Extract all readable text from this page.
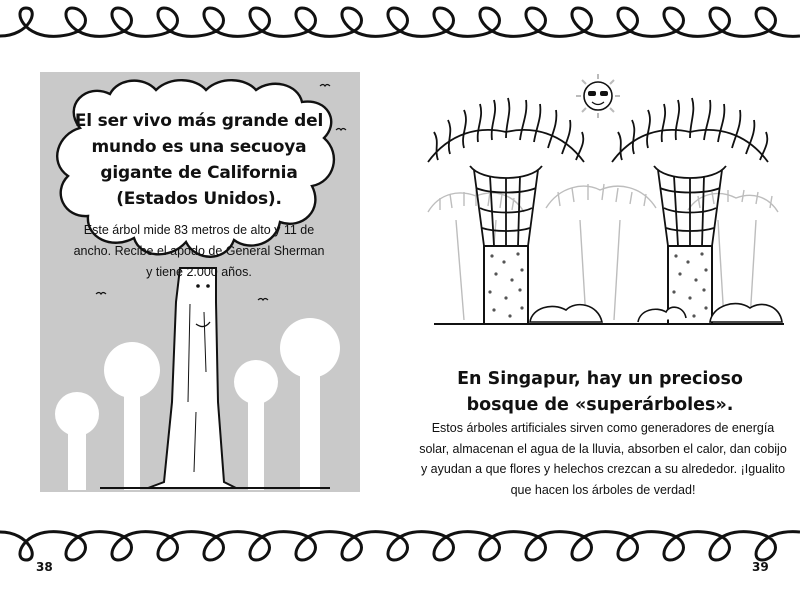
El ser vivo más grande del mundo es una secuoya gigante de California (Estados Unidos).

Este árbol mide 83 metros de alto y 11 de ancho. Recibe el apodo de General Sherman y tiene 2.000 años.

En Singapur, hay un precioso bosque de «superárboles».

Estos árboles artificiales sirven como generadores de energía solar, almacenan el agua de la lluvia, absorben el calor, dan cobijo y ayudan a que flores y helechos crezcan a su alrededor. ¡Igualito que hacen los árboles de verdad!

38	39
